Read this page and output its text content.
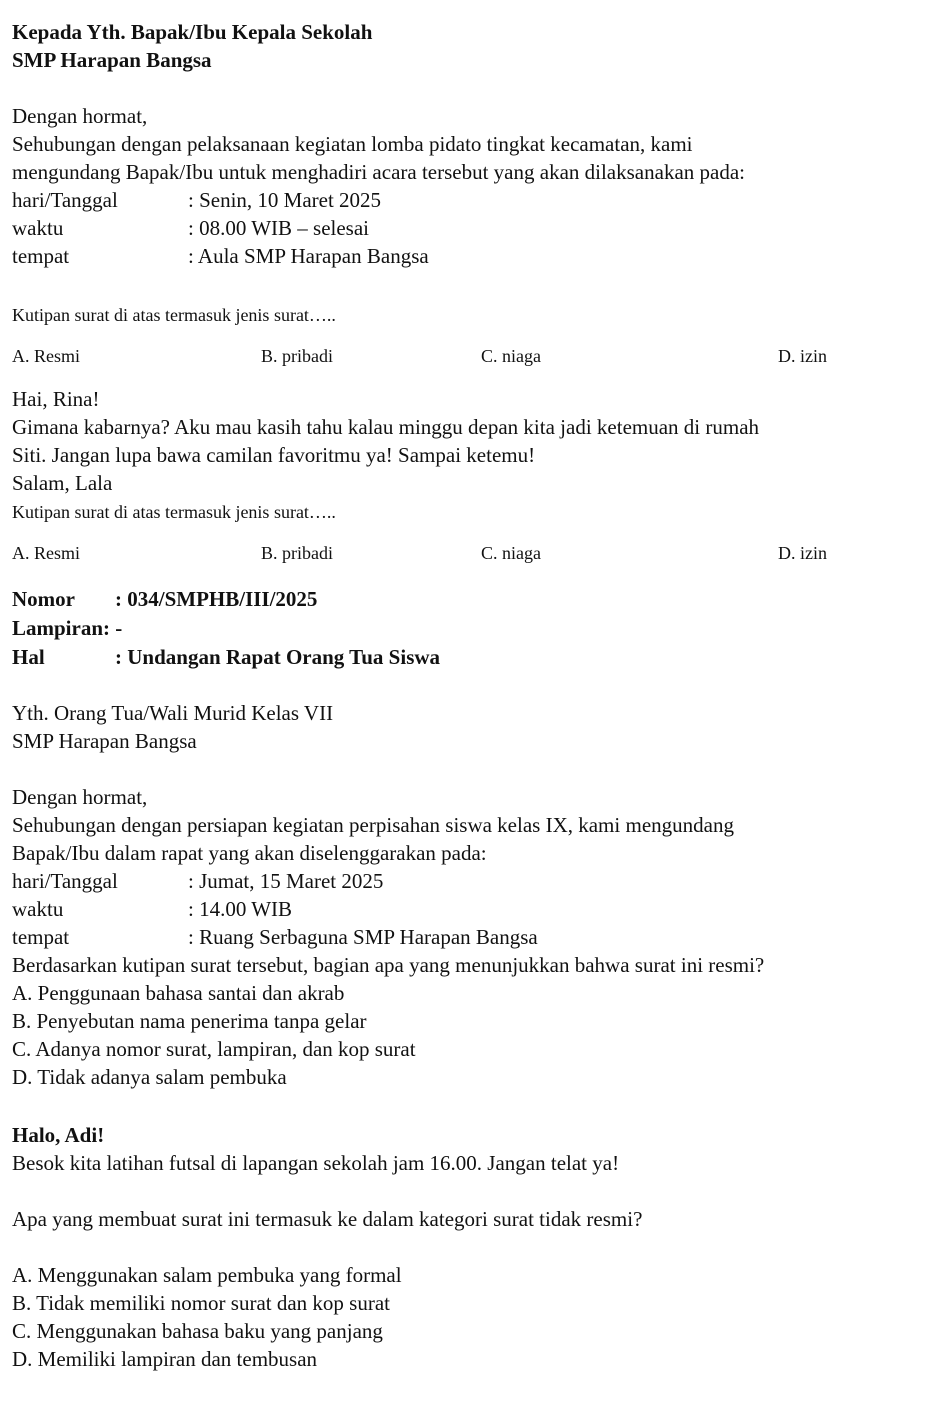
Kepada Yth. Bapak/Ibu Kepala Sekolah
SMP Harapan Bangsa
Dengan hormat,
Sehubungan dengan pelaksanaan kegiatan lomba pidato tingkat kecamatan, kami
mengundang Bapak/Ibu untuk menghadiri acara tersebut yang akan dilaksanakan pada:
hari/Tanggal	: Senin, 10 Maret 2025
waktu	: 08.00 WIB – selesai
tempat	: Aula SMP Harapan Bangsa
Kutipan surat di atas termasuk jenis surat…..
A. Resmi	B. pribadi	C. niaga	D. izin
Hai, Rina!
Gimana kabarnya? Aku mau kasih tahu kalau minggu depan kita jadi ketemuan di rumah
Siti. Jangan lupa bawa camilan favoritmu ya! Sampai ketemu!
Salam, Lala
Kutipan surat di atas termasuk jenis surat…..
A. Resmi	B. pribadi	C. niaga	D. izin
Nomor : 034/SMPHB/III/2025
Lampiran: -
Hal	: Undangan Rapat Orang Tua Siswa
Yth. Orang Tua/Wali Murid Kelas VII
SMP Harapan Bangsa
Dengan hormat,
Sehubungan dengan persiapan kegiatan perpisahan siswa kelas IX, kami mengundang
Bapak/Ibu dalam rapat yang akan diselenggarakan pada:
hari/Tanggal	: Jumat, 15 Maret 2025
waktu	: 14.00 WIB
tempat	: Ruang Serbaguna SMP Harapan Bangsa
Berdasarkan kutipan surat tersebut, bagian apa yang menunjukkan bahwa surat ini resmi?
A. Penggunaan bahasa santai dan akrab
B. Penyebutan nama penerima tanpa gelar
C. Adanya nomor surat, lampiran, dan kop surat
D. Tidak adanya salam pembuka
Halo, Adi!
Besok kita latihan futsal di lapangan sekolah jam 16.00. Jangan telat ya!
Apa yang membuat surat ini termasuk ke dalam kategori surat tidak resmi?
A. Menggunakan salam pembuka yang formal
B. Tidak memiliki nomor surat dan kop surat
C. Menggunakan bahasa baku yang panjang
D. Memiliki lampiran dan tembusan
